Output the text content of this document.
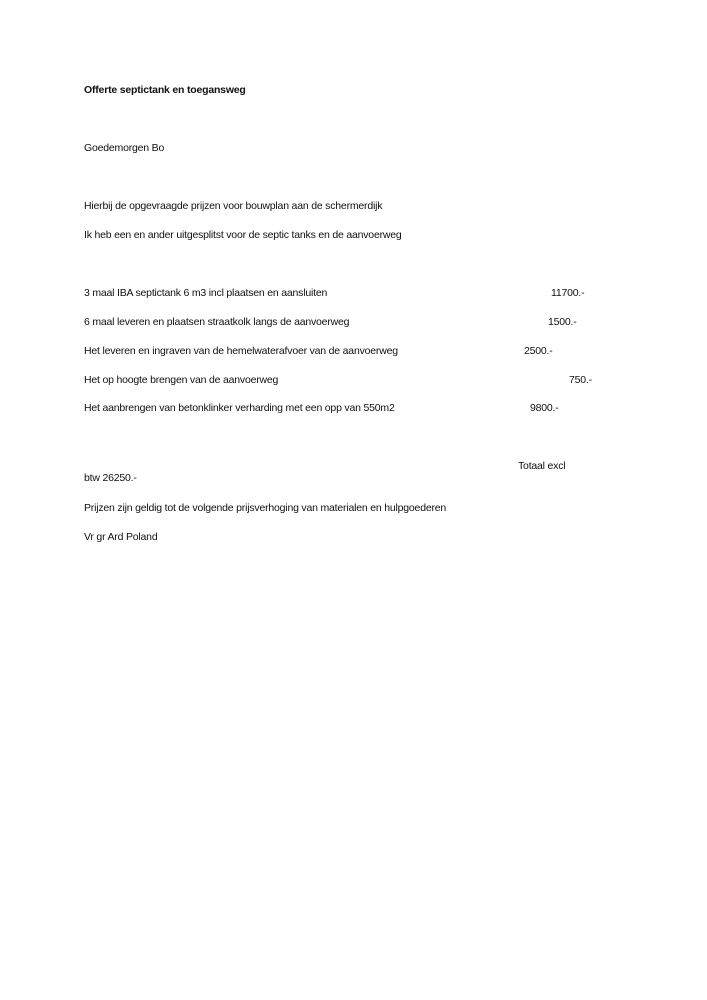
Offerte septictank en toegansweg
Goedemorgen Bo
Hierbij de opgevraagde prijzen voor bouwplan aan de schermerdijk
Ik heb een en ander uitgesplitst voor de septic tanks en de aanvoerweg
3 maal IBA septictank 6 m3 incl plaatsen en aansluiten	11700.-
6 maal leveren en plaatsen straatkolk langs de aanvoerweg	1500.-
Het leveren en ingraven van de hemelwaterafvoer van de aanvoerweg	2500.-
Het op hoogte brengen van de aanvoerweg	750.-
Het aanbrengen van betonklinker verharding met een opp van 550m2	9800.-
Totaal excl
btw 26250.-
Prijzen zijn geldig tot de volgende prijsverhoging van materialen en hulpgoederen
Vr gr Ard Poland
